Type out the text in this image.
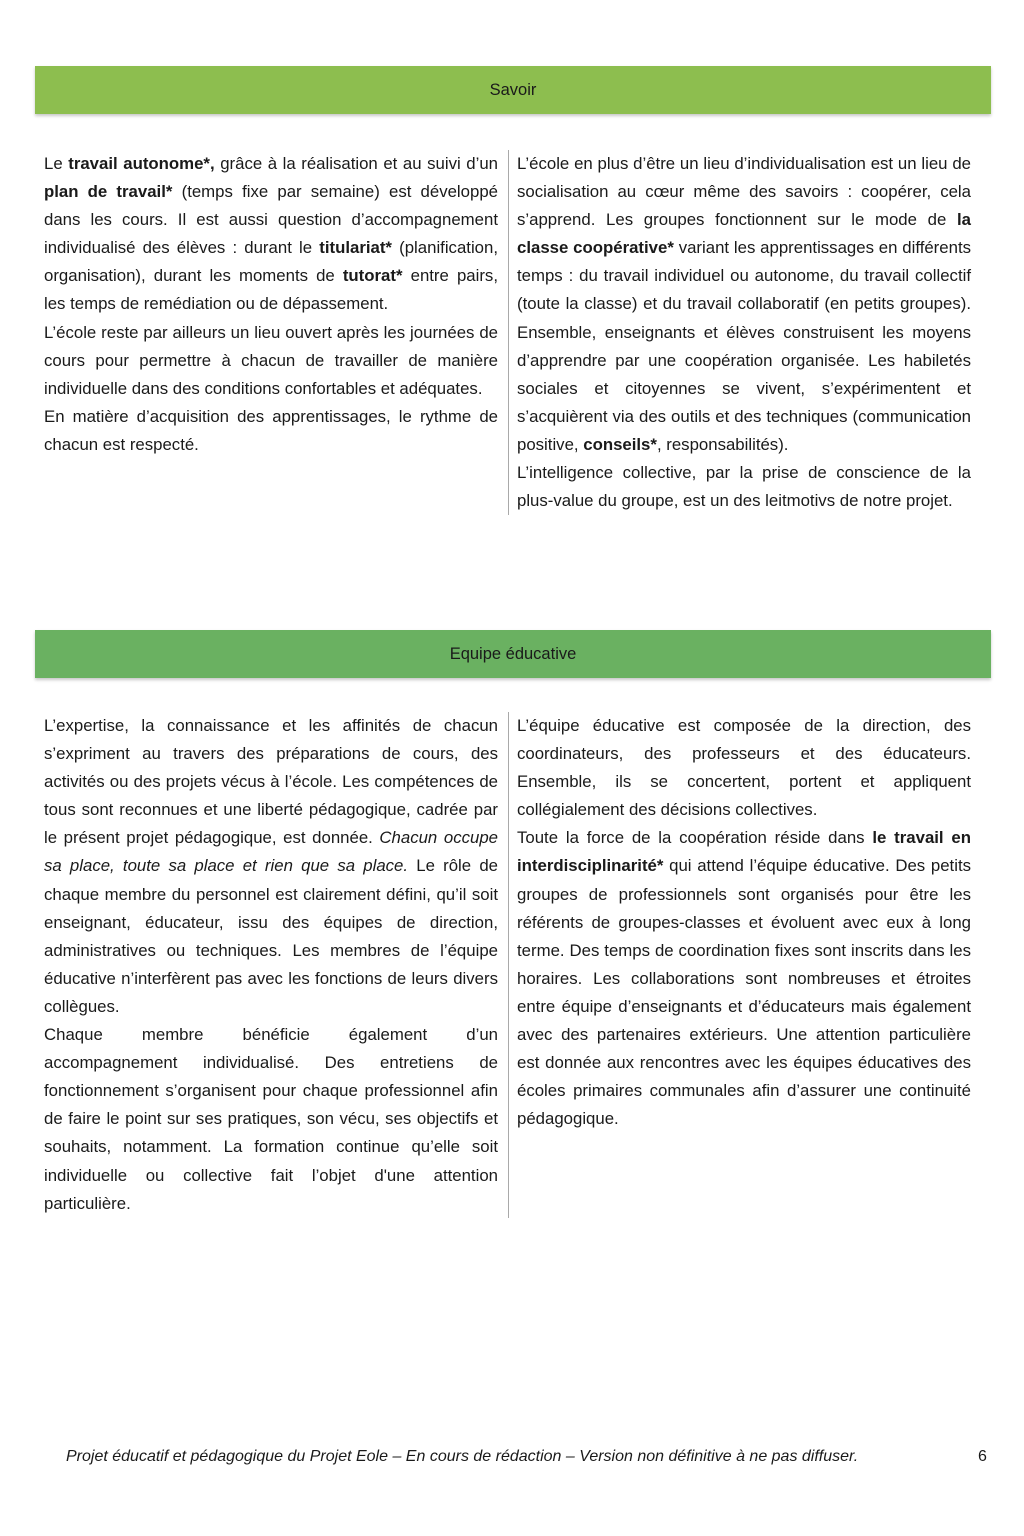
Savoir

Le travail autonome*, grâce à la réalisation et au suivi d’un plan de travail* (temps fixe par semaine) est développé dans les cours. Il est aussi question d’accompagnement individualisé des élèves : durant le titulariat* (planification, organisation), durant les moments de tutorat* entre pairs, les temps de remédiation ou de dépassement.

L’école reste par ailleurs un lieu ouvert après les journées de cours pour permettre à chacun de travailler de manière individuelle dans des conditions confortables et adéquates.

En matière d’acquisition des apprentissages, le rythme de chacun est respecté.

L’école en plus d’être un lieu d’individualisation est un lieu de socialisation au cœur même des savoirs : coopérer, cela s’apprend. Les groupes fonctionnent sur le mode de la classe coopérative* variant les apprentissages en différents temps : du travail individuel ou autonome, du travail collectif (toute la classe) et du travail collaboratif (en petits groupes). Ensemble, enseignants et élèves construisent les moyens d’apprendre par une coopération organisée. Les habiletés sociales et citoyennes se vivent, s’expérimentent et s’acquièrent via des outils et des techniques (communication positive, conseils*, responsabilités).

L’intelligence collective, par la prise de conscience de la plus-value du groupe, est un des leitmotivs de notre projet.

Equipe éducative

L’expertise, la connaissance et les affinités de chacun s’expriment au travers des préparations de cours, des activités ou des projets vécus à l’école. Les compétences de tous sont reconnues et une liberté pédagogique, cadrée par le présent projet pédagogique, est donnée. Chacun occupe sa place, toute sa place et rien que sa place. Le rôle de chaque membre du personnel est clairement défini, qu’il soit enseignant, éducateur, issu des équipes de direction, administratives ou techniques. Les membres de l’équipe éducative n’interfèrent pas avec les fonctions de leurs divers collègues.

Chaque membre bénéficie également d’un accompagnement individualisé. Des entretiens de fonctionnement s’organisent pour chaque professionnel afin de faire le point sur ses pratiques, son vécu, ses objectifs et souhaits, notamment. La formation continue qu’elle soit individuelle ou collective fait l’objet d'une attention particulière.

L’équipe éducative est composée de la direction, des coordinateurs, des professeurs et des éducateurs. Ensemble, ils se concertent, portent et appliquent collégialement des décisions collectives.

Toute la force de la coopération réside dans le travail en interdisciplinarité* qui attend l’équipe éducative. Des petits groupes de professionnels sont organisés pour être les référents de groupes-classes et évoluent avec eux à long terme. Des temps de coordination fixes sont inscrits dans les horaires. Les collaborations sont nombreuses et étroites entre équipe d’enseignants et d’éducateurs mais également avec des partenaires extérieurs. Une attention particulière est donnée aux rencontres avec les équipes éducatives des écoles primaires communales afin d’assurer une continuité pédagogique.

Projet éducatif et pédagogique du Projet Eole – En cours de rédaction – Version non définitive à ne pas diffuser.	6
